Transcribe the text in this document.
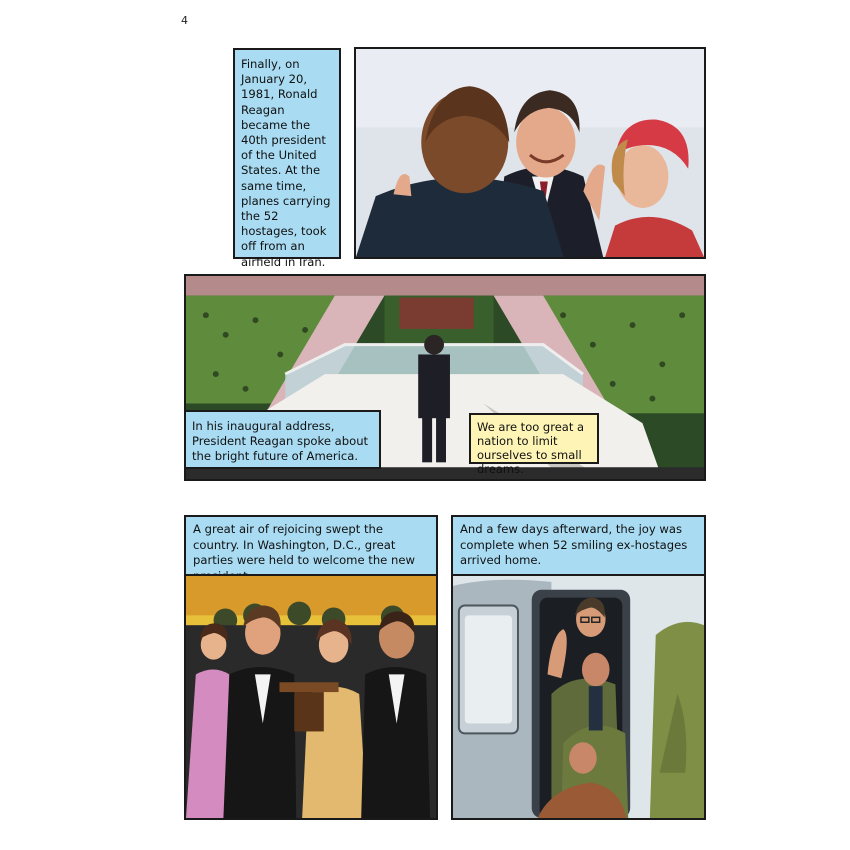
4
Finally, on January 20, 1981, Ronald Reagan became the 40th president of the United States. At the same time, planes carrying the 52 hostages, took off from an airfield in Iran.
In his inaugural address, President Reagan spoke about the bright future of America.
We are too great a nation to limit ourselves to small dreams.
A great air of rejoicing swept the country. In Washington, D.C., great parties were held to welcome the new
And a few days afterward, the joy was complete when 52 smiling ex-hostages arrived home.
